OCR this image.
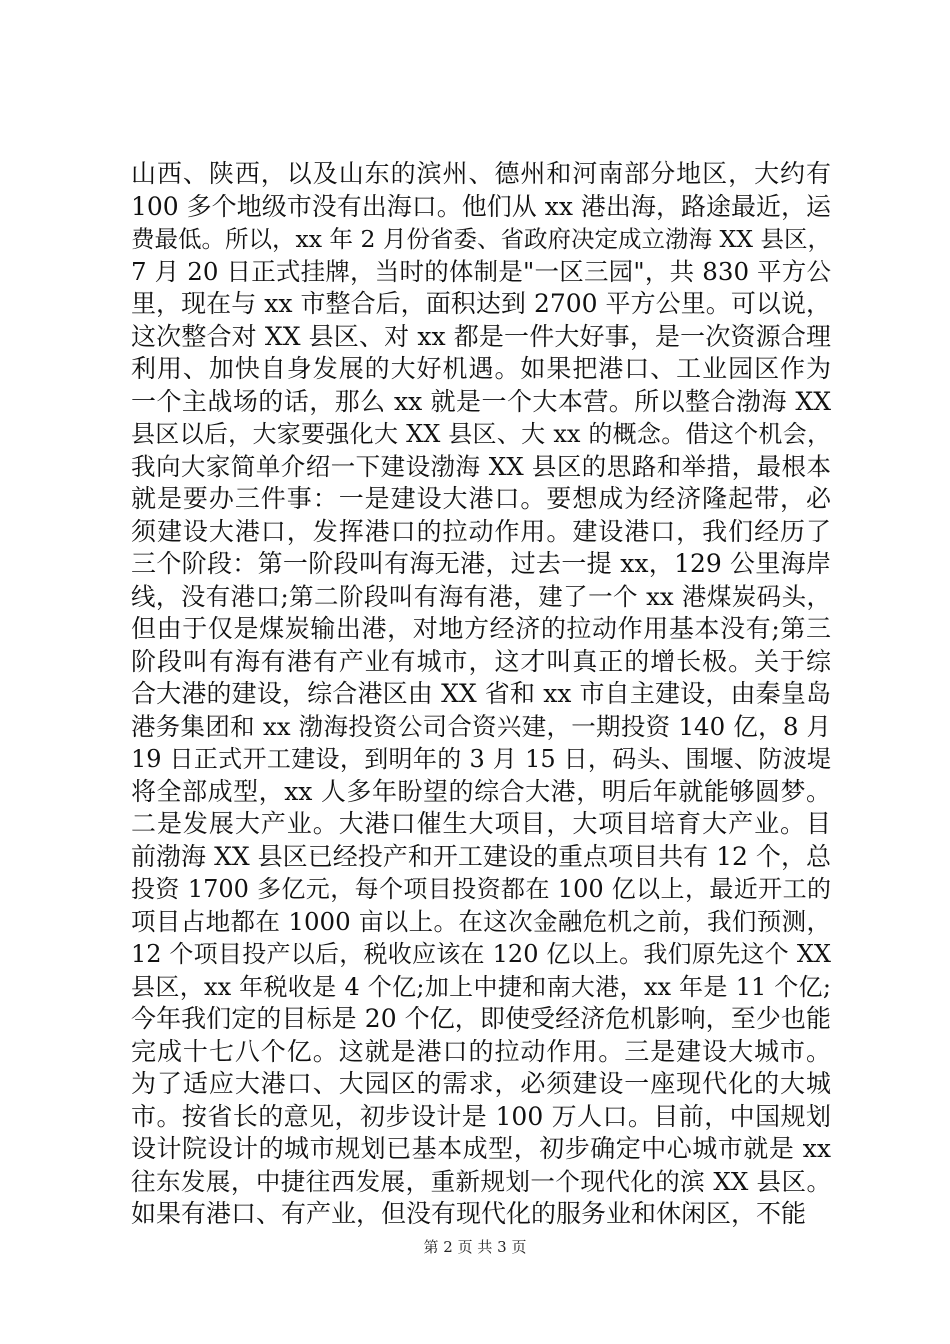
山西、陕西，以及山东的滨州、德州和河南部分地区，大约有
100 多个地级市没有出海口。他们从 xx 港出海，路途最近，运
费最低。所以，xx 年 2 月份省委、省政府决定成立渤海 XX 县区，
7 月 20 日正式挂牌，当时的体制是"一区三园"，共 830 平方公
里，现在与 xx 市整合后，面积达到 2700 平方公里。可以说，
这次整合对 XX 县区、对 xx 都是一件大好事，是一次资源合理
利用、加快自身发展的大好机遇。如果把港口、工业园区作为
一个主战场的话，那么 xx 就是一个大本营。所以整合渤海 XX
县区以后，大家要强化大 XX 县区、大 xx 的概念。借这个机会，
我向大家简单介绍一下建设渤海 XX 县区的思路和举措，最根本
就是要办三件事：一是建设大港口。要想成为经济隆起带，必
须建设大港口，发挥港口的拉动作用。建设港口，我们经历了
三个阶段：第一阶段叫有海无港，过去一提 xx，129 公里海岸
线，没有港口;第二阶段叫有海有港，建了一个 xx 港煤炭码头，
但由于仅是煤炭输出港，对地方经济的拉动作用基本没有;第三
阶段叫有海有港有产业有城市，这才叫真正的增长极。关于综
合大港的建设，综合港区由 XX 省和 xx 市自主建设，由秦皇岛
港务集团和 xx 渤海投资公司合资兴建，一期投资 140 亿，8 月
19 日正式开工建设，到明年的 3 月 15 日，码头、围堰、防波堤
将全部成型，xx 人多年盼望的综合大港，明后年就能够圆梦。
二是发展大产业。大港口催生大项目，大项目培育大产业。目
前渤海 XX 县区已经投产和开工建设的重点项目共有 12 个，总
投资 1700 多亿元，每个项目投资都在 100 亿以上，最近开工的
项目占地都在 1000 亩以上。在这次金融危机之前，我们预测，
12 个项目投产以后，税收应该在 120 亿以上。我们原先这个 XX
县区，xx 年税收是 4 个亿;加上中捷和南大港，xx 年是 11 个亿;
今年我们定的目标是 20 个亿，即使受经济危机影响，至少也能
完成十七八个亿。这就是港口的拉动作用。三是建设大城市。
为了适应大港口、大园区的需求，必须建设一座现代化的大城
市。按省长的意见，初步设计是 100 万人口。目前，中国规划
设计院设计的城市规划已基本成型，初步确定中心城市就是 xx
往东发展，中捷往西发展，重新规划一个现代化的滨 XX 县区。
如果有港口、有产业，但没有现代化的服务业和休闲区，不能
第 2 页 共 3 页
